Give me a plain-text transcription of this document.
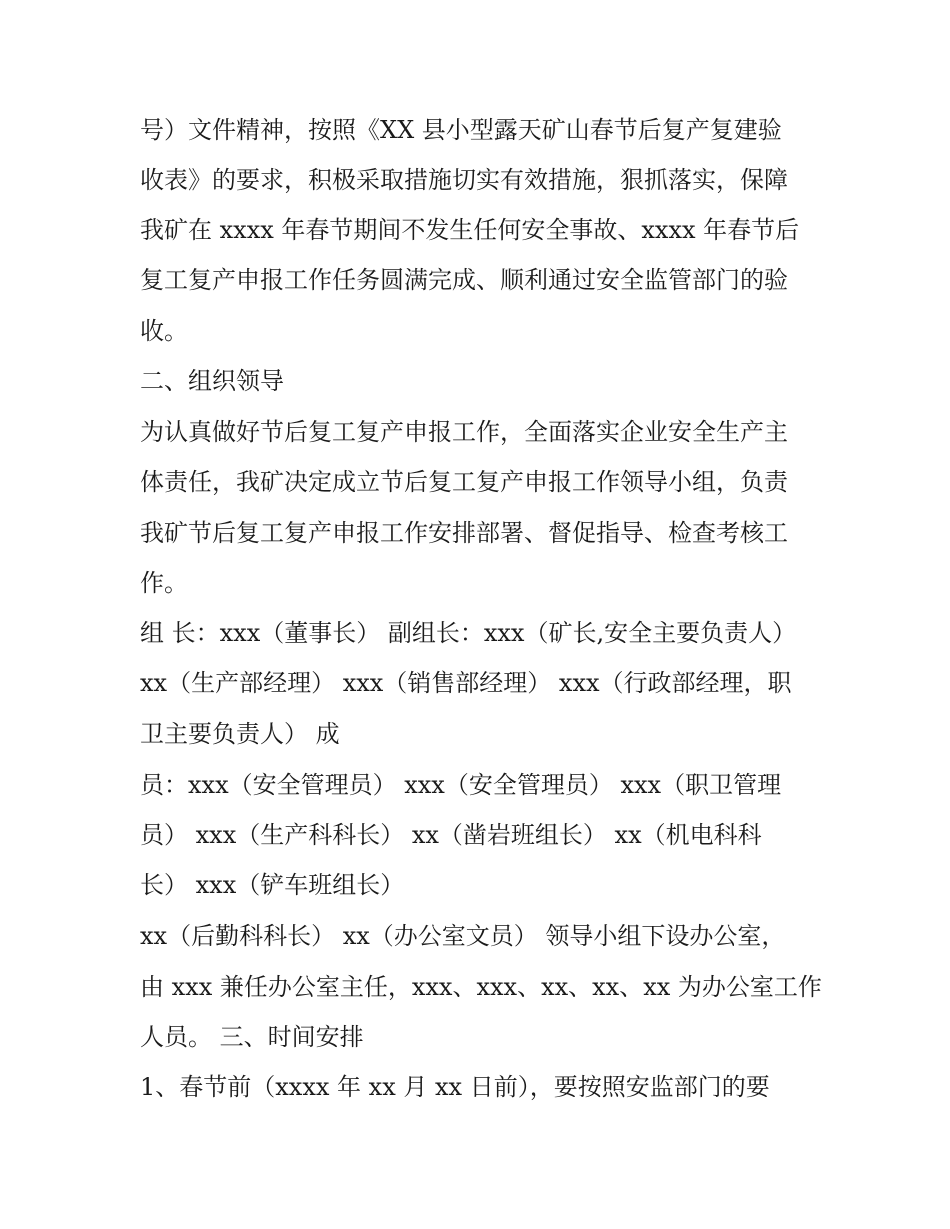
号）文件精神，按照《XX 县小型露天矿山春节后复产复建验
收表》的要求，积极采取措施切实有效措施，狠抓落实，保障
我矿在 xxxx 年春节期间不发生任何安全事故、xxxx 年春节后
复工复产申报工作任务圆满完成、顺利通过安全监管部门的验
收。
二、组织领导
为认真做好节后复工复产申报工作，全面落实企业安全生产主
体责任，我矿决定成立节后复工复产申报工作领导小组，负责
我矿节后复工复产申报工作安排部署、督促指导、检查考核工
作。
组 长：xxx（董事长） 副组长：xxx（矿长,安全主要负责人）
xx（生产部经理） xxx（销售部经理） xxx（行政部经理，职
卫主要负责人） 成
员：xxx（安全管理员） xxx（安全管理员） xxx（职卫管理
员） xxx（生产科科长） xx（凿岩班组长） xx（机电科科
长） xxx（铲车班组长）
xx（后勤科科长） xx（办公室文员） 领导小组下设办公室，
由 xxx 兼任办公室主任，xxx、xxx、xx、xx、xx 为办公室工作
人员。 三、时间安排
1、春节前（xxxx 年 xx 月 xx 日前），要按照安监部门的要
